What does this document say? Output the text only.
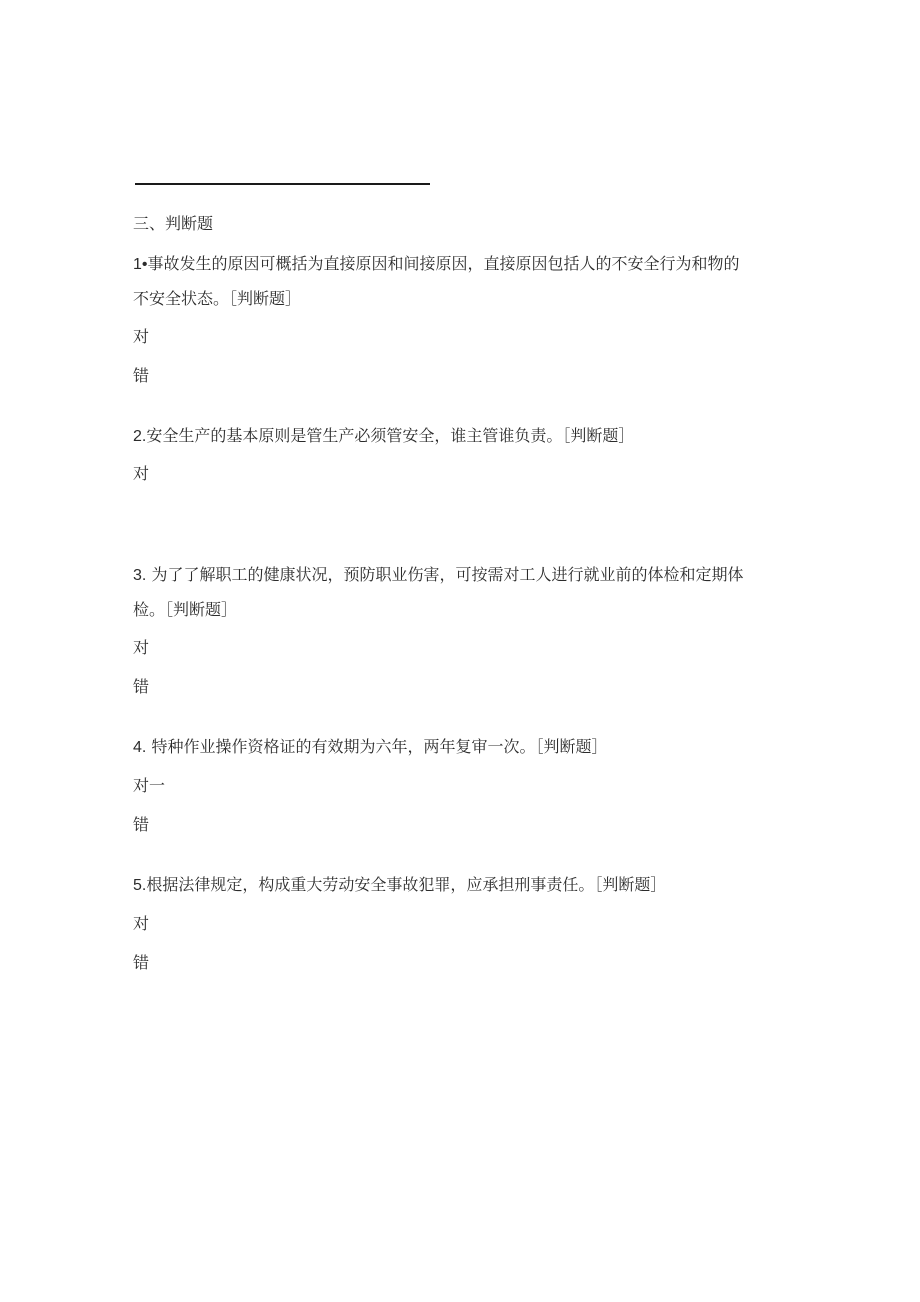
三、判断题
1•事故发生的原因可概括为直接原因和间接原因，直接原因包括人的不安全行为和物的
不安全状态。［判断题］
对
错
2.安全生产的基本原则是管生产必须管安全，谁主管谁负责。［判断题］
对
3. 为了了解职工的健康状况，预防职业伤害，可按需对工人进行就业前的体检和定期体
检。［判断题］
对
错
4. 特种作业操作资格证的有效期为六年，两年复审一次。［判断题］
对一
错
5.根据法律规定，构成重大劳动安全事故犯罪，应承担刑事责任。［判断题］
对
错
